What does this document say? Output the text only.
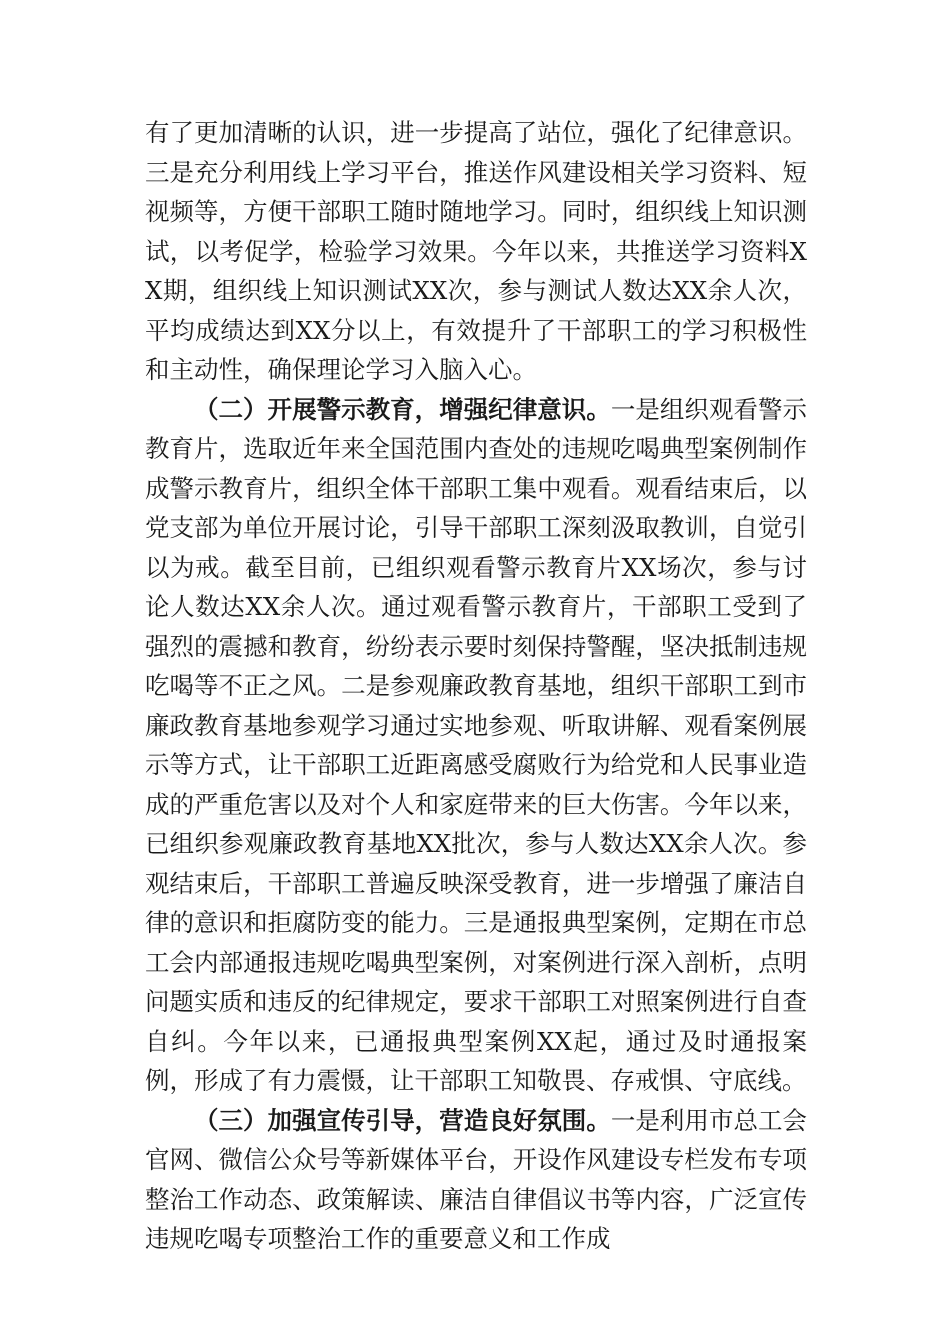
有了更加清晰的认识，进一步提高了站位，强化了纪律意识。三是充分利用线上学习平台，推送作风建设相关学习资料、短视频等，方便干部职工随时随地学习。同时，组织线上知识测试，以考促学，检验学习效果。今年以来，共推送学习资料XX期，组织线上知识测试XX次，参与测试人数达XX余人次，平均成绩达到XX分以上，有效提升了干部职工的学习积极性和主动性，确保理论学习入脑入心。

（二）开展警示教育，增强纪律意识。一是组织观看警示教育片，选取近年来全国范围内查处的违规吃喝典型案例制作成警示教育片，组织全体干部职工集中观看。观看结束后，以党支部为单位开展讨论，引导干部职工深刻汲取教训，自觉引以为戒。截至目前，已组织观看警示教育片XX场次，参与讨论人数达XX余人次。通过观看警示教育片，干部职工受到了强烈的震撼和教育，纷纷表示要时刻保持警醒，坚决抵制违规吃喝等不正之风。二是参观廉政教育基地，组织干部职工到市廉政教育基地参观学习通过实地参观、听取讲解、观看案例展示等方式，让干部职工近距离感受腐败行为给党和人民事业造成的严重危害以及对个人和家庭带来的巨大伤害。今年以来，已组织参观廉政教育基地XX批次，参与人数达XX余人次。参观结束后，干部职工普遍反映深受教育，进一步增强了廉洁自律的意识和拒腐防变的能力。三是通报典型案例，定期在市总工会内部通报违规吃喝典型案例，对案例进行深入剖析，点明问题实质和违反的纪律规定，要求干部职工对照案例进行自查自纠。今年以来，已通报典型案例XX起，通过及时通报案例，形成了有力震慑，让干部职工知敬畏、存戒惧、守底线。

（三）加强宣传引导，营造良好氛围。一是利用市总工会官网、微信公众号等新媒体平台，开设作风建设专栏发布专项整治工作动态、政策解读、廉洁自律倡议书等内容，广泛宣传违规吃喝专项整治工作的重要意义和工作成
